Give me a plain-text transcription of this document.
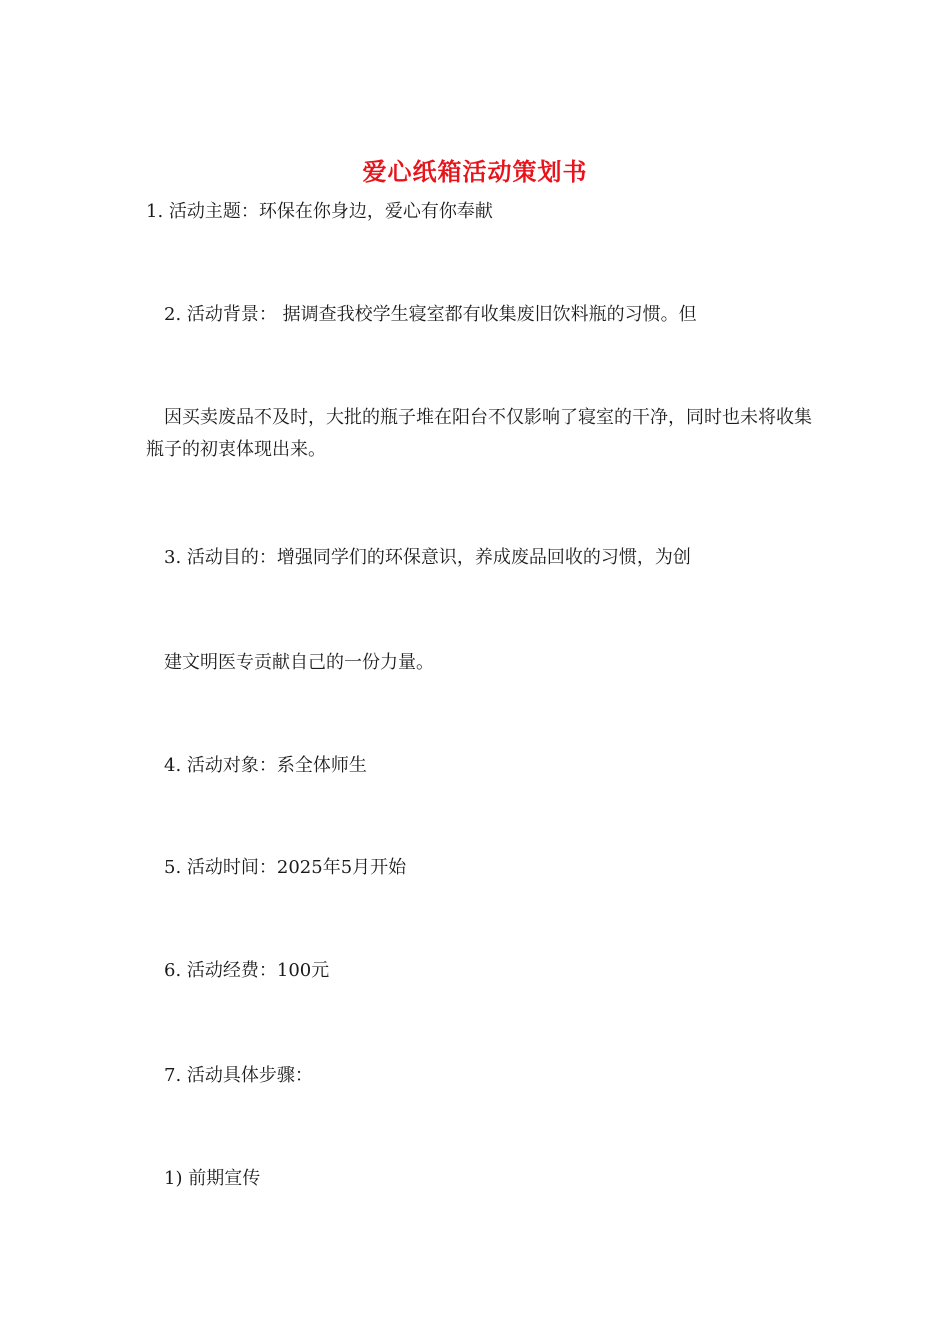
爱心纸箱活动策划书
1. 活动主题：环保在你身边，爱心有你奉献
2. 活动背景： 据调查我校学生寝室都有收集废旧饮料瓶的习惯。但
因买卖废品不及时，大批的瓶子堆在阳台不仅影响了寝室的干净，同时也未将收集瓶子的初衷体现出来。
3. 活动目的：增强同学们的环保意识，养成废品回收的习惯，为创
建文明医专贡献自己的一份力量。
4. 活动对象：系全体师生
5. 活动时间：2025年5月开始
6. 活动经费：100元
7. 活动具体步骤：
1) 前期宣传
